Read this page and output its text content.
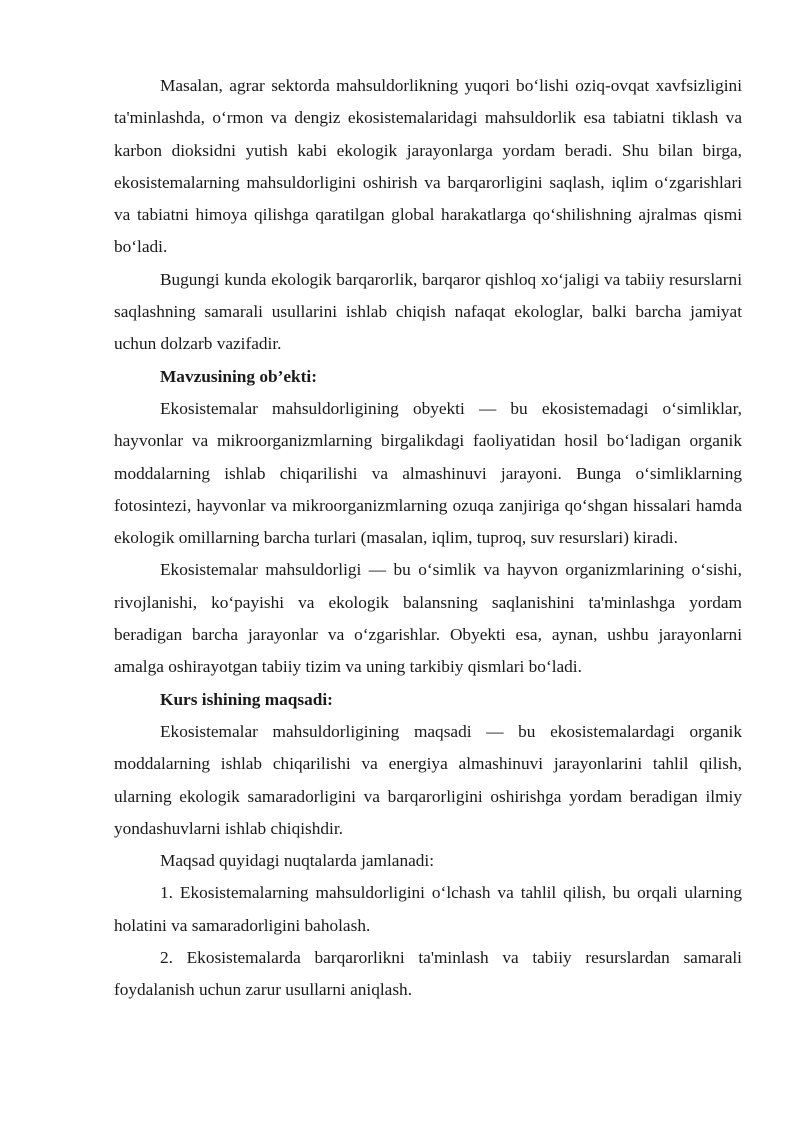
Masalan, agrar sektorda mahsuldorlikning yuqori bo‘lishi oziq-ovqat xavfsizligini ta'minlashda, o‘rmon va dengiz ekosistemalaridagi mahsuldorlik esa tabiatni tiklash va karbon dioksidni yutish kabi ekologik jarayonlarga yordam beradi. Shu bilan birga, ekosistemalarning mahsuldorligini oshirish va barqarorligini saqlash, iqlim o‘zgarishlari va tabiatni himoya qilishga qaratilgan global harakatlarga qo‘shilishning ajralmas qismi bo‘ladi.

Bugungi kunda ekologik barqarorlik, barqaror qishloq xo‘jaligi va tabiiy resurslarni saqlashning samarali usullarini ishlab chiqish nafaqat ekologlar, balki barcha jamiyat uchun dolzarb vazifadir.

Mavzusining ob’ekti:

Ekosistemalar mahsuldorligining obyekti — bu ekosistemadagi o‘simliklar, hayvonlar va mikroorganizmlarning birgalikdagi faoliyatidan hosil bo‘ladigan organik moddalarning ishlab chiqarilishi va almashinuvi jarayoni. Bunga o‘simliklarning fotosintezi, hayvonlar va mikroorganizmlarning ozuqa zanjiriga qo‘shgan hissalari hamda ekologik omillarning barcha turlari (masalan, iqlim, tuproq, suv resurslari) kiradi.

Ekosistemalar mahsuldorligi — bu o‘simlik va hayvon organizmlarining o‘sishi, rivojlanishi, ko‘payishi va ekologik balansning saqlanishini ta'minlashga yordam beradigan barcha jarayonlar va o‘zgarishlar. Obyekti esa, aynan, ushbu jarayonlarni amalga oshirayotgan tabiiy tizim va uning tarkibiy qismlari bo‘ladi.

Kurs ishining maqsadi:

Ekosistemalar mahsuldorligining maqsadi — bu ekosistemalardagi organik moddalarning ishlab chiqarilishi va energiya almashinuvi jarayonlarini tahlil qilish, ularning ekologik samaradorligini va barqarorligini oshirishga yordam beradigan ilmiy yondashuvlarni ishlab chiqishdir.

Maqsad quyidagi nuqtalarda jamlanadi:

1. Ekosistemalarning mahsuldorligini o‘lchash va tahlil qilish, bu orqali ularning holatini va samaradorligini baholash.

2. Ekosistemalarda barqarorlikni ta'minlash va tabiiy resurslardan samarali foydalanish uchun zarur usullarni aniqlash.
